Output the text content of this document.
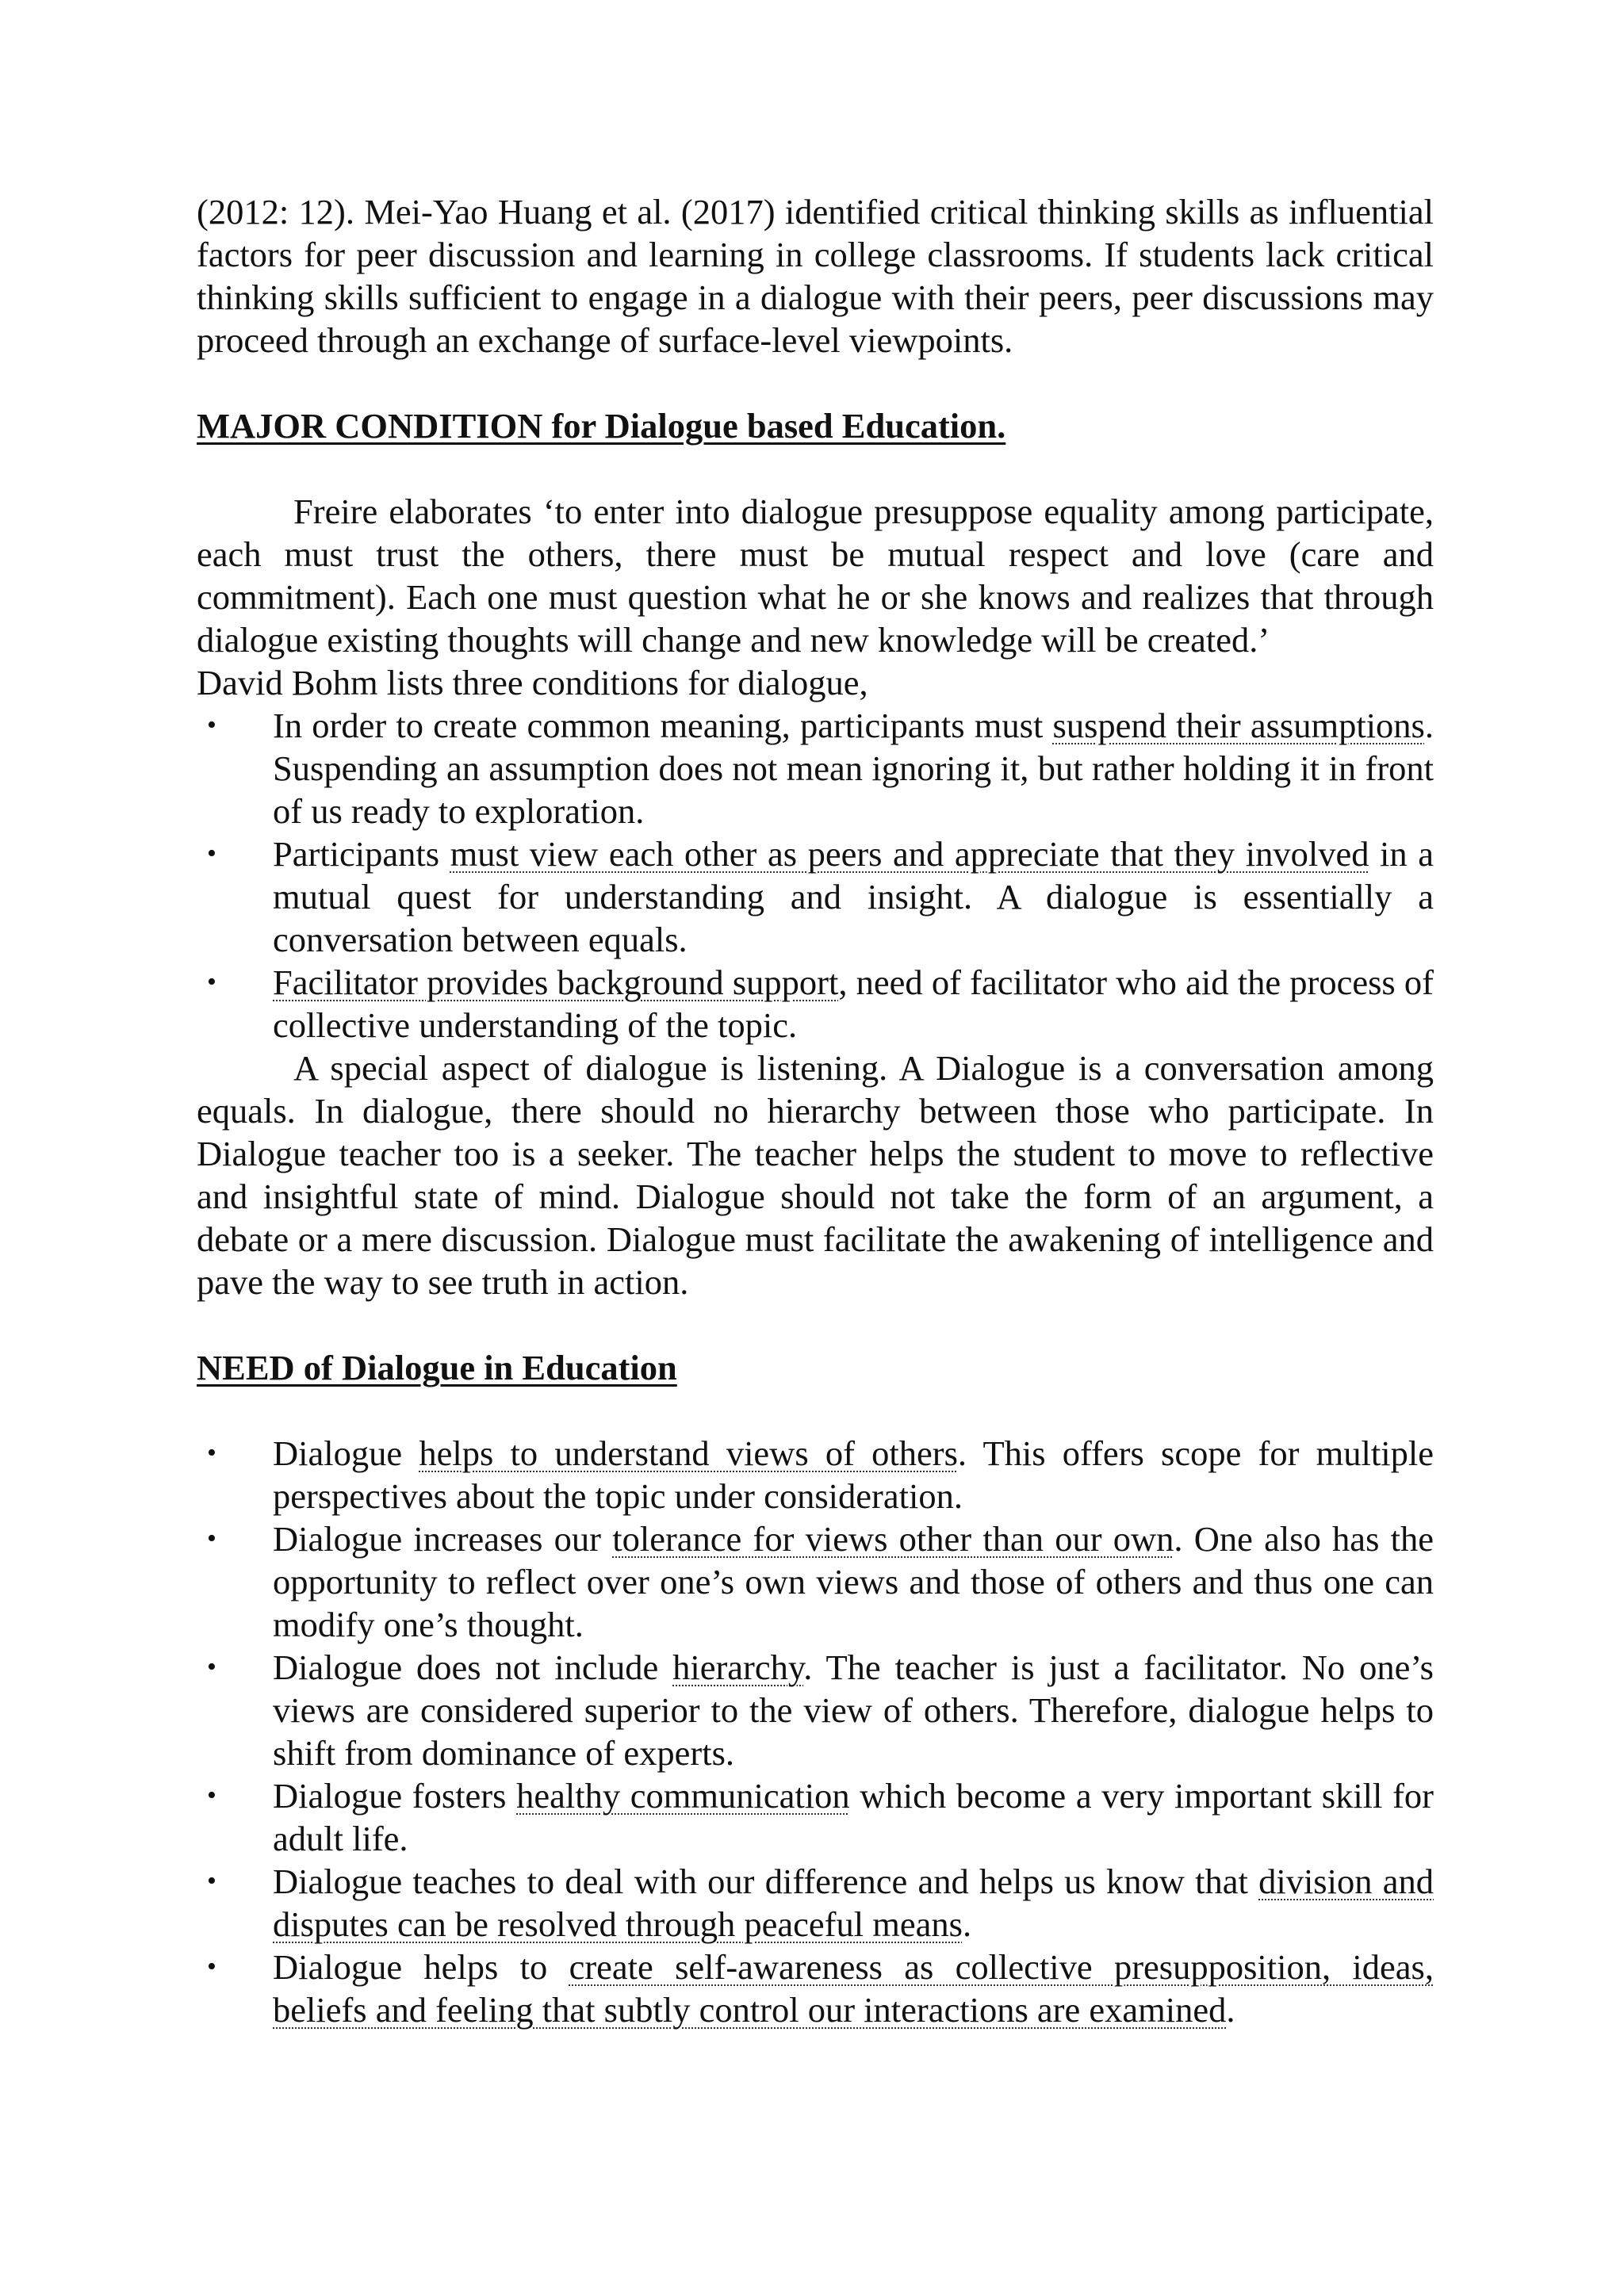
(2012: 12). Mei-Yao Huang et al. (2017) identified critical thinking skills as influential factors for peer discussion and learning in college classrooms. If students lack critical thinking skills sufficient to engage in a dialogue with their peers, peer discussions may proceed through an exchange of surface-level viewpoints.

MAJOR CONDITION for Dialogue based Education.

Freire elaborates ‘to enter into dialogue presuppose equality among participate, each must trust the others, there must be mutual respect and love (care and commitment). Each one must question what he or she knows and realizes that through dialogue existing thoughts will change and new knowledge will be created.’

David Bohm lists three conditions for dialogue,

• In order to create common meaning, participants must suspend their assumptions. Suspending an assumption does not mean ignoring it, but rather holding it in front of us ready to exploration.
• Participants must view each other as peers and appreciate that they involved in a mutual quest for understanding and insight. A dialogue is essentially a conversation between equals.
• Facilitator provides background support, need of facilitator who aid the process of collective understanding of the topic.

A special aspect of dialogue is listening. A Dialogue is a conversation among equals. In dialogue, there should no hierarchy between those who participate. In Dialogue teacher too is a seeker. The teacher helps the student to move to reflective and insightful state of mind. Dialogue should not take the form of an argument, a debate or a mere discussion. Dialogue must facilitate the awakening of intelligence and pave the way to see truth in action.

NEED of Dialogue in Education
• Dialogue helps to understand views of others. This offers scope for multiple perspectives about the topic under consideration.
• Dialogue increases our tolerance for views other than our own. One also has the opportunity to reflect over one’s own views and those of others and thus one can modify one’s thought.
• Dialogue does not include hierarchy. The teacher is just a facilitator. No one’s views are considered superior to the view of others. Therefore, dialogue helps to shift from dominance of experts.
• Dialogue fosters healthy communication which become a very important skill for adult life.
• Dialogue teaches to deal with our difference and helps us know that division and disputes can be resolved through peaceful means.
• Dialogue helps to create self-awareness as collective presupposition, ideas, beliefs and feeling that subtly control our interactions are examined.
